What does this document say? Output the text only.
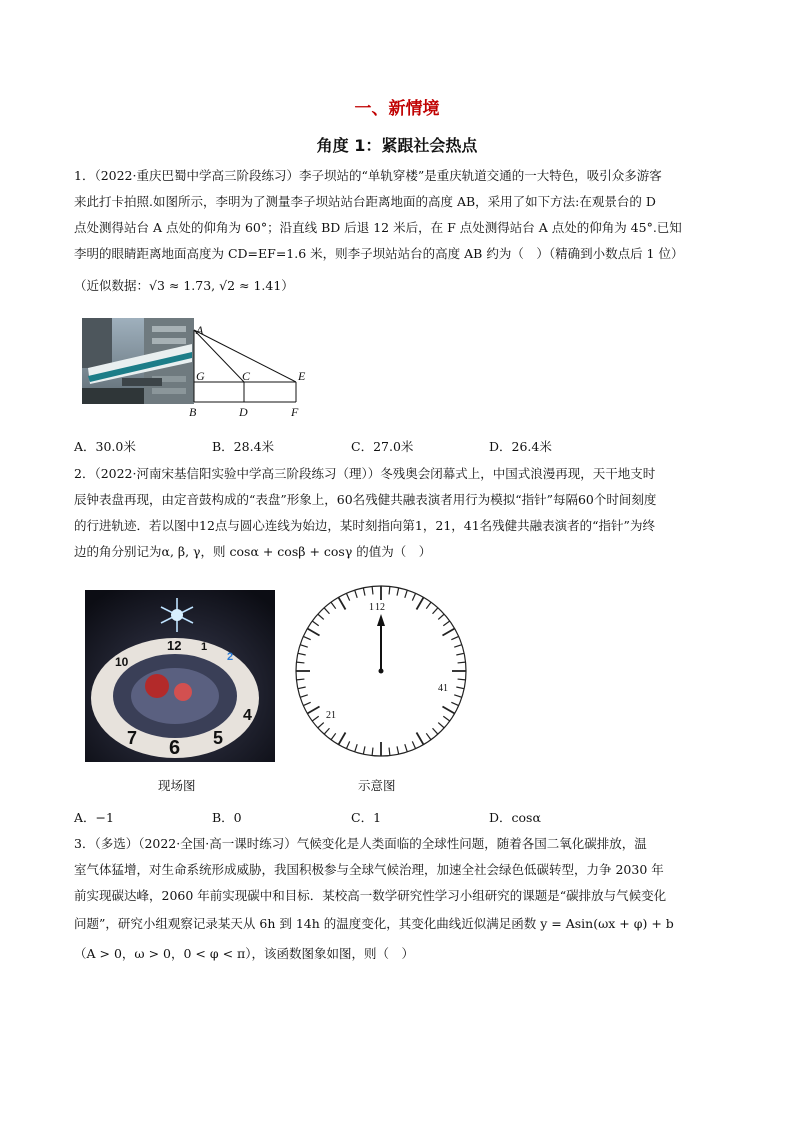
一、新情境
角度 1：紧跟社会热点
1．（2022·重庆巴蜀中学高三阶段练习）李子坝站的“单轨穿楼”是重庆轨道交通的一大特色，吸引众多游客
来此打卡拍照.如图所示，李明为了测量李子坝站站台距离地面的高度 AB，采用了如下方法:在观景台的 D
点处测得站台 A 点处的仰角为 60°；沿直线 BD 后退 12 米后，在 F 点处测得站台 A 点处的仰角为 45°.已知
李明的眼睛距离地面高度为 CD=EF=1.6 米，则李子坝站站台的高度 AB 约为（　）（精确到小数点后 1 位）
（近似数据：√3 ≈ 1.73, √2 ≈ 1.41）
A
G	C	E
B	D	F
A．30.0米	B．28.4米	C．27.0米	D．26.4米
2．（2022·河南宋基信阳实验中学高三阶段练习（理））冬残奥会闭幕式上，中国式浪漫再现，天干地支时
辰钟表盘再现，由定音鼓构成的“表盘”形象上，60名残健共融表演者用行为模拟“指针”每隔60个时间刻度
的行进轨迹．若以图中12点与圆心连线为始边，某时刻指向第1，21，41名残健共融表演者的“指针”为终
边的角分别记为α, β, γ，则 cosα + cosβ + cosγ 的值为（　）
12 1
2
10
7 6 5
4
1 12
41
21
现场图	示意图
A．−1	B．0	C．1	D．cosα
3．（多选）（2022·全国·高一课时练习）气候变化是人类面临的全球性问题，随着各国二氧化碳排放，温
室气体猛增，对生命系统形成威胁，我国积极参与全球气候治理，加速全社会绿色低碳转型，力争 2030 年
前实现碳达峰，2060 年前实现碳中和目标．某校高一数学研究性学习小组研究的课题是“碳排放与气候变化
问题”，研究小组观察记录某天从 6h 到 14h 的温度变化，其变化曲线近似满足函数 y = Asin(ωx + φ) + b
（A > 0，ω > 0，0 < φ < π），该函数图象如图，则（　）
